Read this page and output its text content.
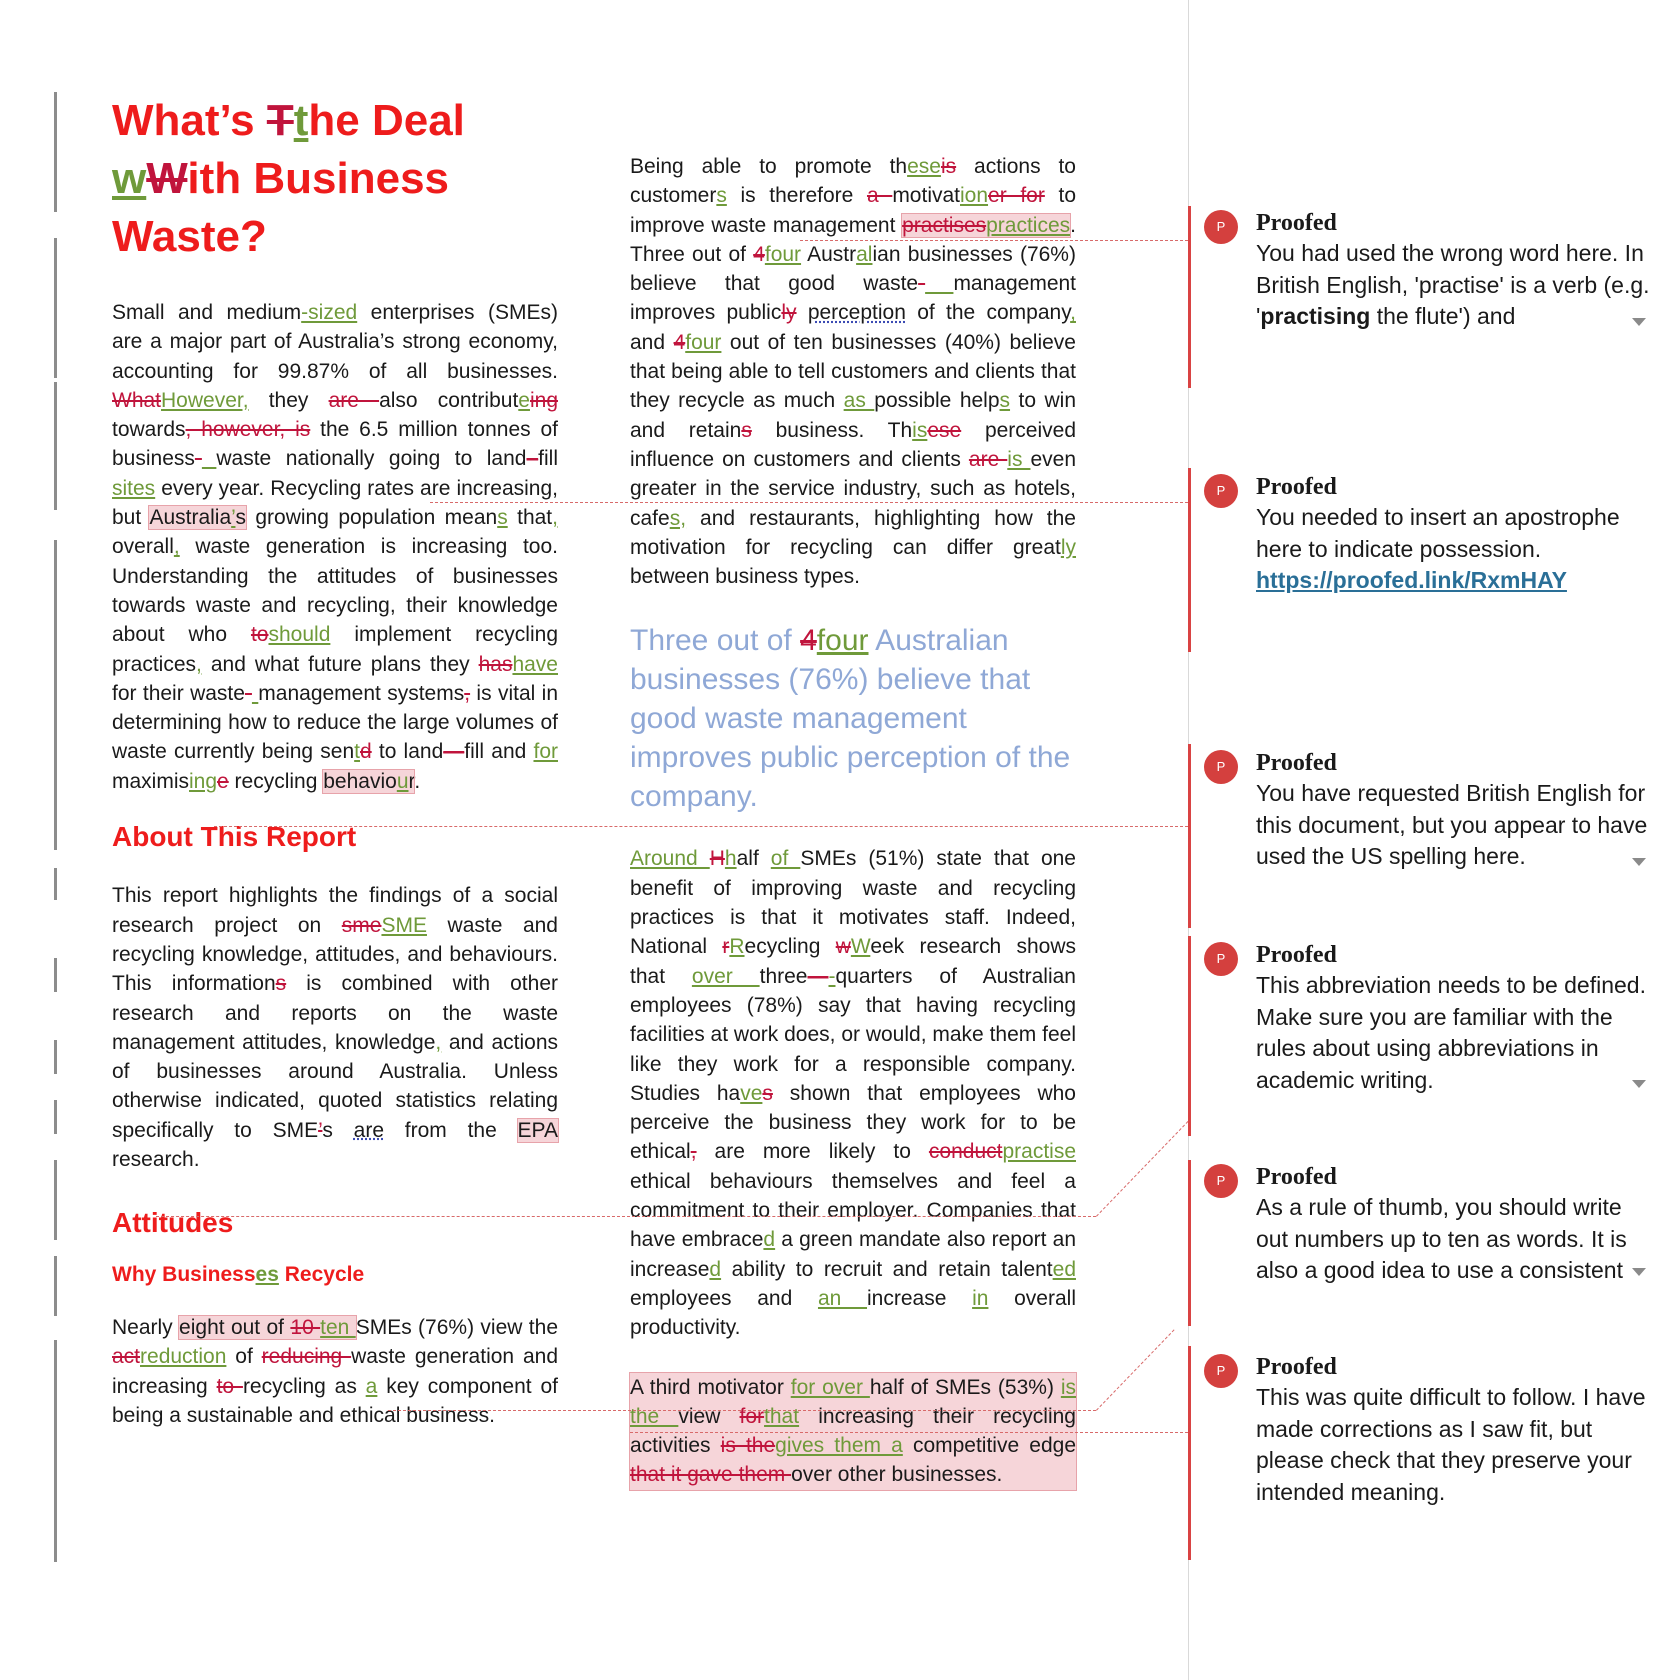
What’s Tthe Deal
wWith Business
Waste?

Small and medium-sized enterprises (SMEs) are a major part of Australia’s strong economy, accounting for 99.87% of all businesses. WhatHowever, they are also contributeing towards, however, is the 6.5 million tonnes of business- waste nationally going to land–fill sites every year. Recycling rates are increasing, but Australia’s growing population means that, overall, waste generation is increasing too. Understanding the attitudes of businesses towards waste and recycling, their knowledge about who toshould implement recycling practices, and what future plans they hashave for their waste- management systems, is vital in determining how to reduce the large volumes of waste currently being sentd to land—fill and for maximisinge recycling behaviour.

About This Report

This report highlights the findings of a social research project on smeSME waste and recycling knowledge, attitudes, and behaviours. This informations is combined with other research and reports on the waste management attitudes, knowledge, and actions of businesses around Australia. Unless otherwise indicated, quoted statistics relating specifically to SME’s are from the EPA research.

Attitudes
Why Businesses Recycle

Nearly eight out of 10 ten SMEs (76%) view the actreduction of reducing waste generation and increasing to recycling as a key component of being a sustainable and ethical business.

Being able to promote theseis actions to customers is therefore a motivationer for to improve waste management practisespractices. Three out of 4four Australian businesses (76%) believe that good waste- management improves publicly perception of the company, and 4four out of ten businesses (40%) believe that being able to tell customers and clients that they recycle as much as possible helps to win and retains business. Thisese perceived influence on customers and clients are is even greater in the service industry, such as hotels, cafes, and restaurants, highlighting how the motivation for recycling can differ greatly between business types.

Three out of 4four Australian businesses (76%) believe that good waste management improves public perception of the company.

Around Hhalf of SMEs (51%) state that one benefit of improving waste and recycling practices is that it motivates staff. Indeed, National rRecycling wWeek research shows that over three—-quarters of Australian employees (78%) say that having recycling facilities at work does, or would, make them feel like they work for a responsible company. Studies haves shown that employees who perceive the business they work for to be ethical, are more likely to conductpractise ethical behaviours themselves and feel a commitment to their employer. Companies that have embraced a green mandate also report an increased ability to recruit and retain talented employees and an increase in overall productivity.

A third motivator for over half of SMEs (53%) is the view forthat increasing their recycling activities is thegives them a competitive edge that it gave them over other businesses.

P	Proofed
You had used the wrong word here. In British English, 'practise' is a verb (e.g. 'practising the flute') and
P	Proofed
You needed to insert an apostrophe here to indicate possession.
https://proofed.link/RxmHAY
P	Proofed
You have requested British English for this document, but you appear to have used the US spelling here.
P	Proofed
This abbreviation needs to be defined. Make sure you are familiar with the rules about using abbreviations in academic writing.
P	Proofed
As a rule of thumb, you should write out numbers up to ten as words. It is also a good idea to use a consistent
P	Proofed
This was quite difficult to follow. I have made corrections as I saw fit, but please check that they preserve your intended meaning.
